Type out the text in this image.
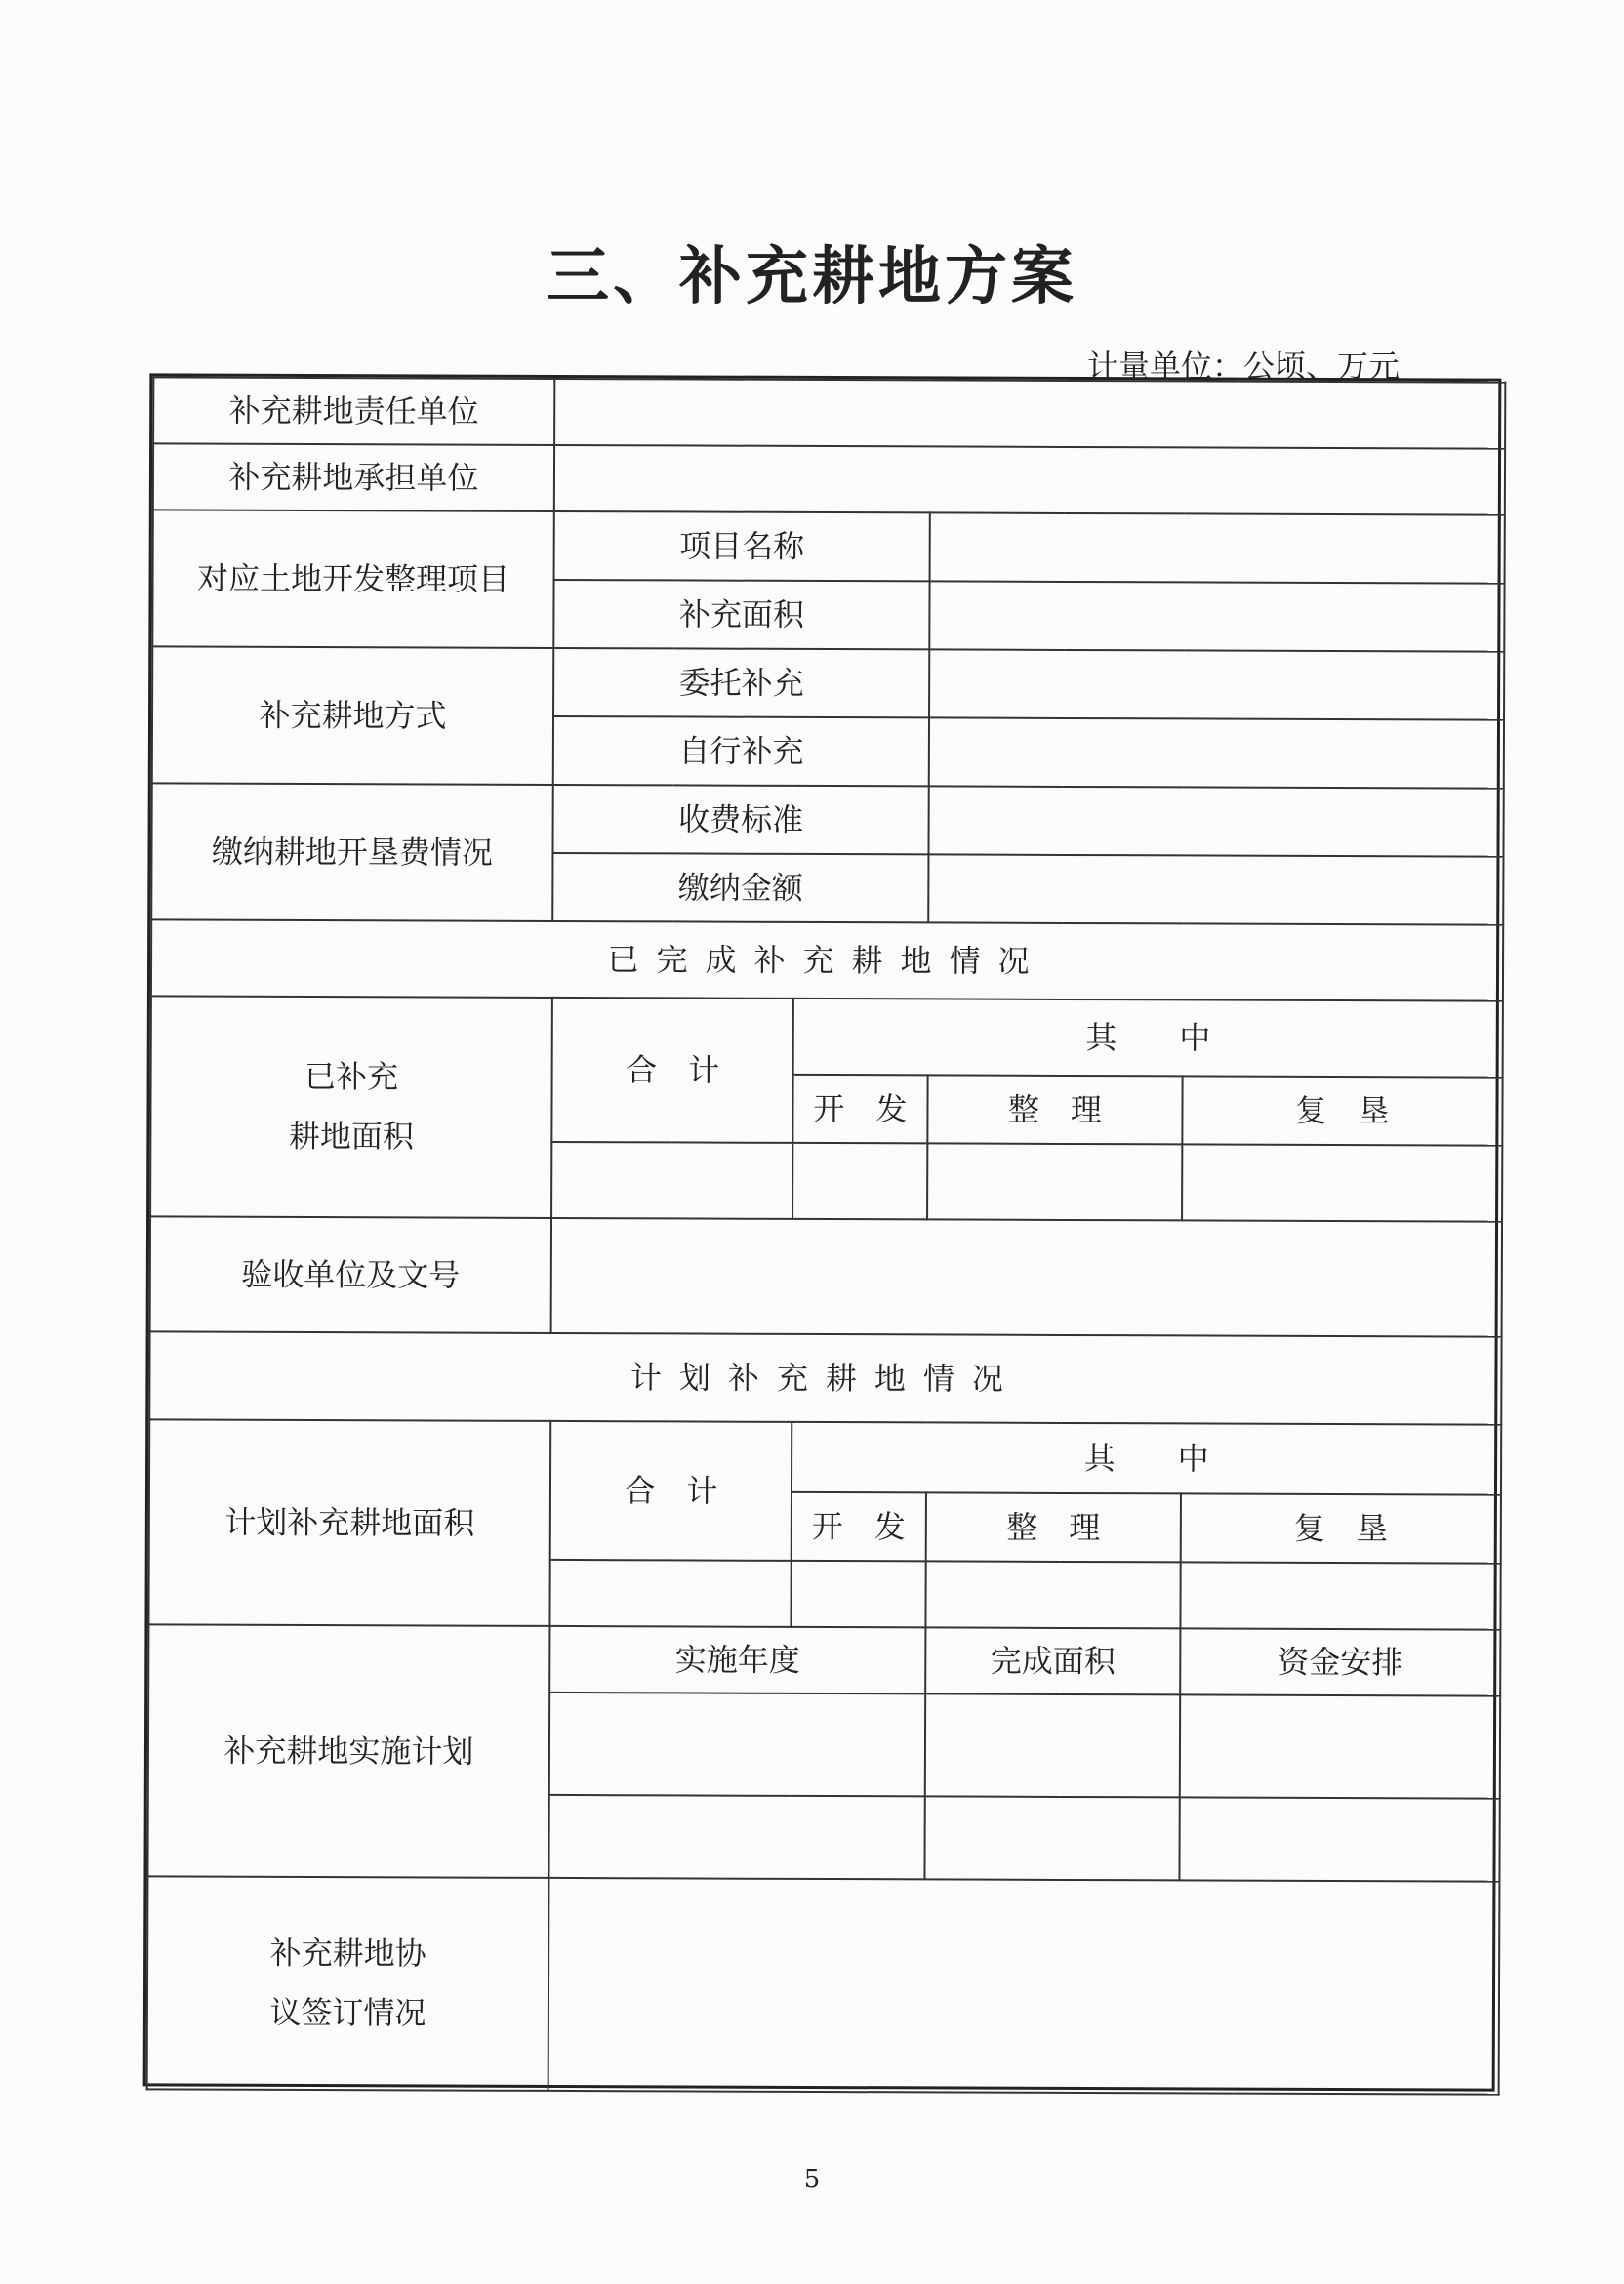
三、补充耕地方案
计量单位：公顷、万元
补充耕地责任单位				
补充耕地承担单位				
对应土地开发整理项目	项目名称			
	补充面积			
补充耕地方式	委托补充			
	自行补充			
缴纳耕地开垦费情况	收费标准			
	缴纳金额			
已完成补充耕地情况				

已补充
耕地面积	合　计	其　　中		
		开　发	整　理	复　垦

验收单位及文号				
计划补充耕地情况				
计划补充耕地面积	合　计	其　　中		
		开　发	整　理	复　垦

补充耕地实施计划	实施年度		完成面积	资金安排

补充耕地协
议签订情况				

5
